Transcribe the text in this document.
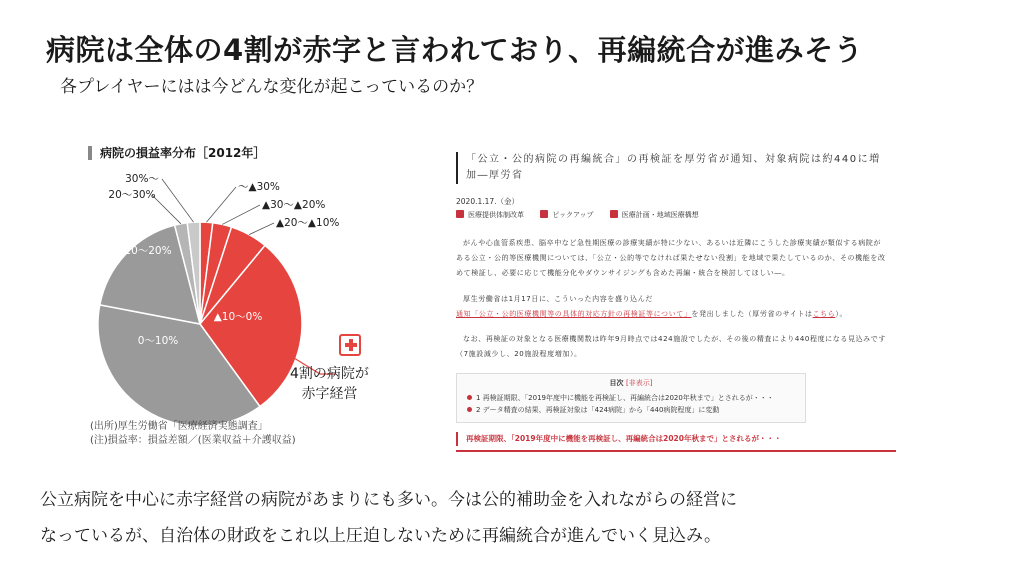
病院は全体の4割が赤字と言われており、再編統合が進みそう
各プレイヤーにはは今どんな変化が起こっているのか？
病院の損益率分布［2012年］
〜▲30%
▲30〜▲20%
▲20〜▲10%
▲10〜0%
0〜10%
10〜20%
20〜30%
30%〜
(出所)厚生労働省「医療経済実態調査」
(注)損益率：損益差額／(医業収益＋介護収益)
4割の病院が
赤字経営
「公立・公的病院の再編統合」の再検証を厚労省が通知、対象病院は約440に増加―厚労省
2020.1.17.（金）
医療提供体制改革	ピックアップ	医療計画・地域医療構想
がんや心血管系疾患、脳卒中など急性期医療の診療実績が特に少ない、あるいは近隣にこうした診療実績が類似する病院がある公立・公的等医療機関については、「公立・公的等でなければ果たせない役割」を地域で果たしているのか、その機能を改めて検証し、必要に応じて機能分化やダウンサイジングも含めた再編・統合を検討してほしい―。
厚生労働省は1月17日に、こういった内容を盛り込んだ通知「公立・公的医療機関等の具体的対応方針の再検証等について」を発出しました（厚労省のサイトはこちら）。
なお、再検証の対象となる医療機関数は昨年9月時点では424施設でしたが、その後の精査により440程度になる見込みです（7施設減少し、20施設程度増加）。
目次 [非表示]
1 再検証期限、「2019年度中に機能を再検証し、再編統合は2020年秋まで」とされるが・・・
2 データ精査の結果、再検証対象は「424病院」から「440病院程度」に変動
再検証期限、「2019年度中に機能を再検証し、再編統合は2020年秋まで」とされるが・・・
公立病院を中心に赤字経営の病院があまりにも多い。今は公的補助金を入れながらの経営に
なっているが、自治体の財政をこれ以上圧迫しないために再編統合が進んでいく見込み。
